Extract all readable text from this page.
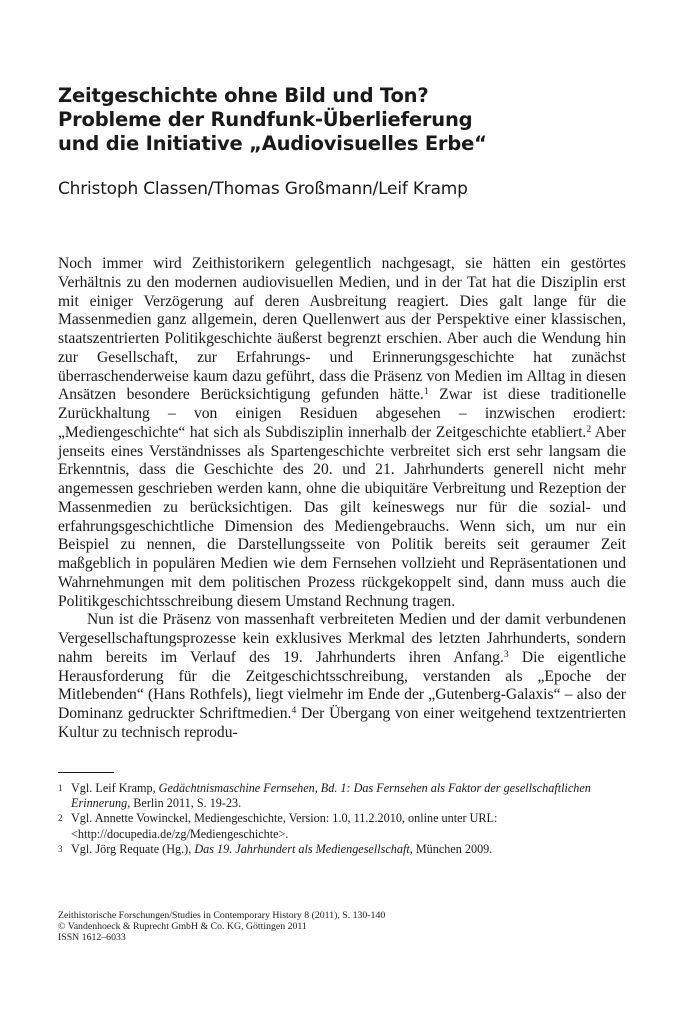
Zeitgeschichte ohne Bild und Ton?
Probleme der Rundfunk-Überlieferung
und die Initiative „Audiovisuelles Erbe“

Christoph Classen/Thomas Großmann/Leif Kramp

Noch immer wird Zeithistorikern gelegentlich nachgesagt, sie hätten ein gestörtes Verhältnis zu den modernen audiovisuellen Medien, und in der Tat hat die Disziplin erst mit einiger Verzögerung auf deren Ausbreitung reagiert. Dies galt lange für die Massenmedien ganz allgemein, deren Quellenwert aus der Perspektive einer klassischen, staatszentrierten Politikgeschichte äußerst begrenzt erschien. Aber auch die Wendung hin zur Gesellschaft, zur Erfahrungs- und Erinnerungsgeschichte hat zunächst überraschenderweise kaum dazu geführt, dass die Präsenz von Medien im Alltag in diesen Ansätzen besondere Berücksichtigung gefunden hätte.$^1$ Zwar ist diese traditionelle Zurückhaltung – von einigen Residuen abgesehen – inzwischen erodiert: „Mediengeschichte“ hat sich als Subdisziplin innerhalb der Zeitgeschichte etabliert.$^2$ Aber jenseits eines Verständnisses als Spartengeschichte verbreitet sich erst sehr langsam die Erkenntnis, dass die Geschichte des 20. und 21. Jahrhunderts generell nicht mehr angemessen geschrieben werden kann, ohne die ubiquitäre Verbreitung und Rezeption der Massenmedien zu berücksichtigen. Das gilt keineswegs nur für die sozial- und erfahrungsgeschichtliche Dimension des Mediengebrauchs. Wenn sich, um nur ein Beispiel zu nennen, die Darstellungsseite von Politik bereits seit geraumer Zeit maßgeblich in populären Medien wie dem Fernsehen vollzieht und Repräsentationen und Wahrnehmungen mit dem politischen Prozess rückgekoppelt sind, dann muss auch die Politikgeschichtsschreibung diesem Umstand Rechnung tragen.

Nun ist die Präsenz von massenhaft verbreiteten Medien und der damit verbundenen Vergesellschaftungsprozesse kein exklusives Merkmal des letzten Jahrhunderts, sondern nahm bereits im Verlauf des 19. Jahrhunderts ihren Anfang.$^3$ Die eigentliche Herausforderung für die Zeitgeschichtsschreibung, verstanden als „Epoche der Mitlebenden“ (Hans Rothfels), liegt vielmehr im Ende der „Gutenberg-Galaxis“ – also der Dominanz gedruckter Schriftmedien.$^4$ Der Übergang von einer weitgehend textzentrierten Kultur zu technisch reprodu-

1 Vgl. Leif Kramp, Gedächtnismaschine Fernsehen, Bd. 1: Das Fernsehen als Faktor der gesellschaftlichen Erinnerung, Berlin 2011, S. 19-23.
2 Vgl. Annette Vowinckel, Mediengeschichte, Version: 1.0, 11.2.2010, online unter URL: <http://docupedia.de/zg/Mediengeschichte>.
3 Vgl. Jörg Requate (Hg.), Das 19. Jahrhundert als Mediengesellschaft, München 2009.
Zeithistorische Forschungen/Studies in Contemporary History 8 (2011), S. 130-140
© Vandenhoeck & Ruprecht GmbH & Co. KG, Göttingen 2011
ISSN 1612–6033
